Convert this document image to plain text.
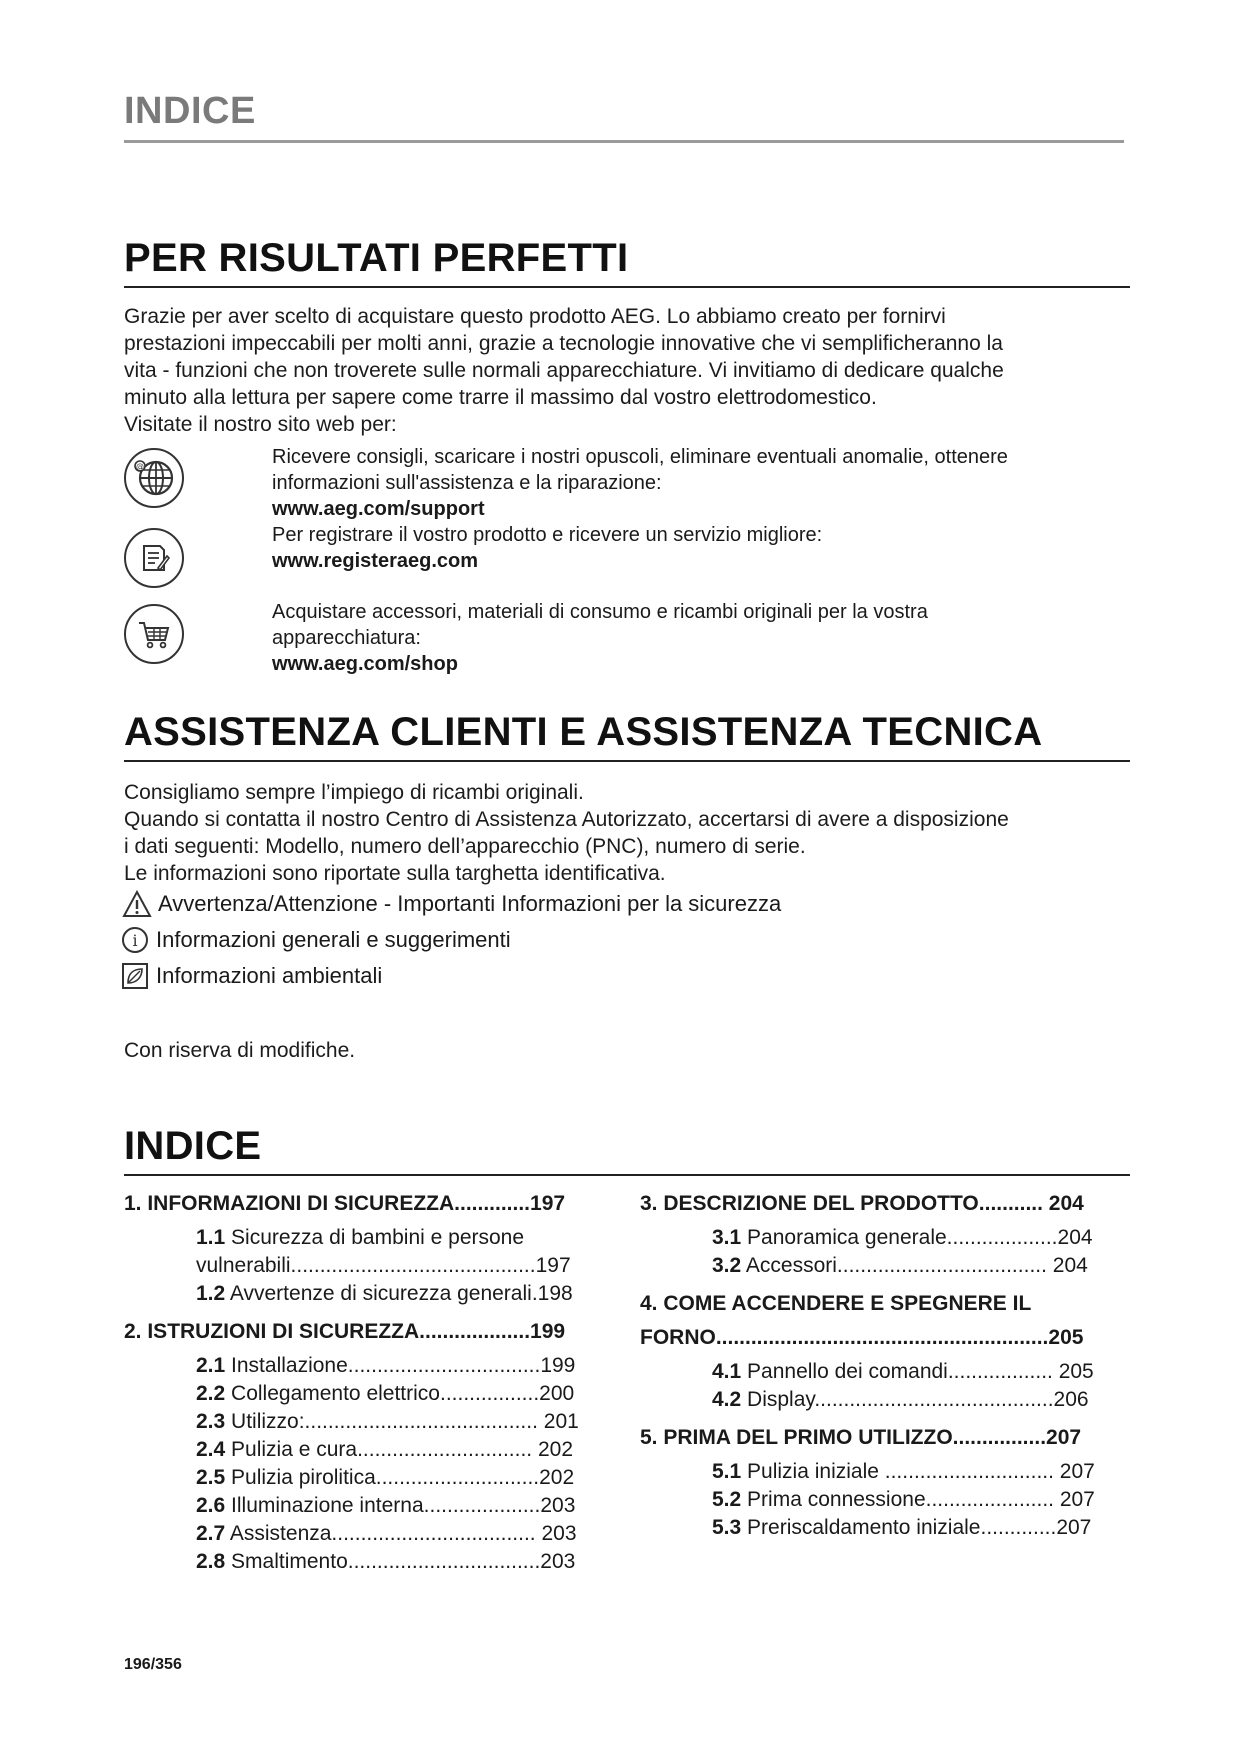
INDICE
PER RISULTATI PERFETTI
Grazie per aver scelto di acquistare questo prodotto AEG. Lo abbiamo creato per fornirvi
prestazioni impeccabili per molti anni, grazie a tecnologie innovative che vi semplificheranno la
vita - funzioni che non troverete sulle normali apparecchiature. Vi invitiamo di dedicare qualche
minuto alla lettura per sapere come trarre il massimo dal vostro elettrodomestico.
Visitate il nostro sito web per:
@	Ricevere consigli, scaricare i nostri opuscoli, eliminare eventuali anomalie, ottenere
informazioni sull'assistenza e la riparazione:
www.aeg.com/support
Per registrare il vostro prodotto e ricevere un servizio migliore:
www.registeraeg.com
Acquistare accessori, materiali di consumo e ricambi originali per la vostra
apparecchiatura:
www.aeg.com/shop
ASSISTENZA CLIENTI E ASSISTENZA TECNICA
Consigliamo sempre l’impiego di ricambi originali.
Quando si contatta il nostro Centro di Assistenza Autorizzato, accertarsi di avere a disposizione
i dati seguenti: Modello, numero dell’apparecchio (PNC), numero di serie.
Le informazioni sono riportate sulla targhetta identificativa.
Avvertenza/Attenzione - Importanti Informazioni per la sicurezza
i Informazioni generali e suggerimenti
Informazioni ambientali
Con riserva di modifiche.
INDICE
1. INFORMAZIONI DI SICUREZZA.............197
1.1 Sicurezza di bambini e persone
vulnerabili..........................................197
1.2 Avvertenze di sicurezza generali.198
2. ISTRUZIONI DI SICUREZZA...................199
2.1 Installazione.................................199
2.2 Collegamento elettrico.................200
2.3 Utilizzo:........................................ 201
2.4 Pulizia e cura.............................. 202
2.5 Pulizia pirolitica............................202
2.6 Illuminazione interna....................203
2.7 Assistenza................................... 203
2.8 Smaltimento.................................203
3. DESCRIZIONE DEL PRODOTTO........... 204
3.1 Panoramica generale...................204
3.2 Accessori.................................... 204
4. COME ACCENDERE E SPEGNERE IL
FORNO.........................................................205
4.1 Pannello dei comandi.................. 205
4.2 Display.........................................206
5. PRIMA DEL PRIMO UTILIZZO................207
5.1 Pulizia iniziale ............................. 207
5.2 Prima connessione...................... 207
5.3 Preriscaldamento iniziale.............207
196/356
